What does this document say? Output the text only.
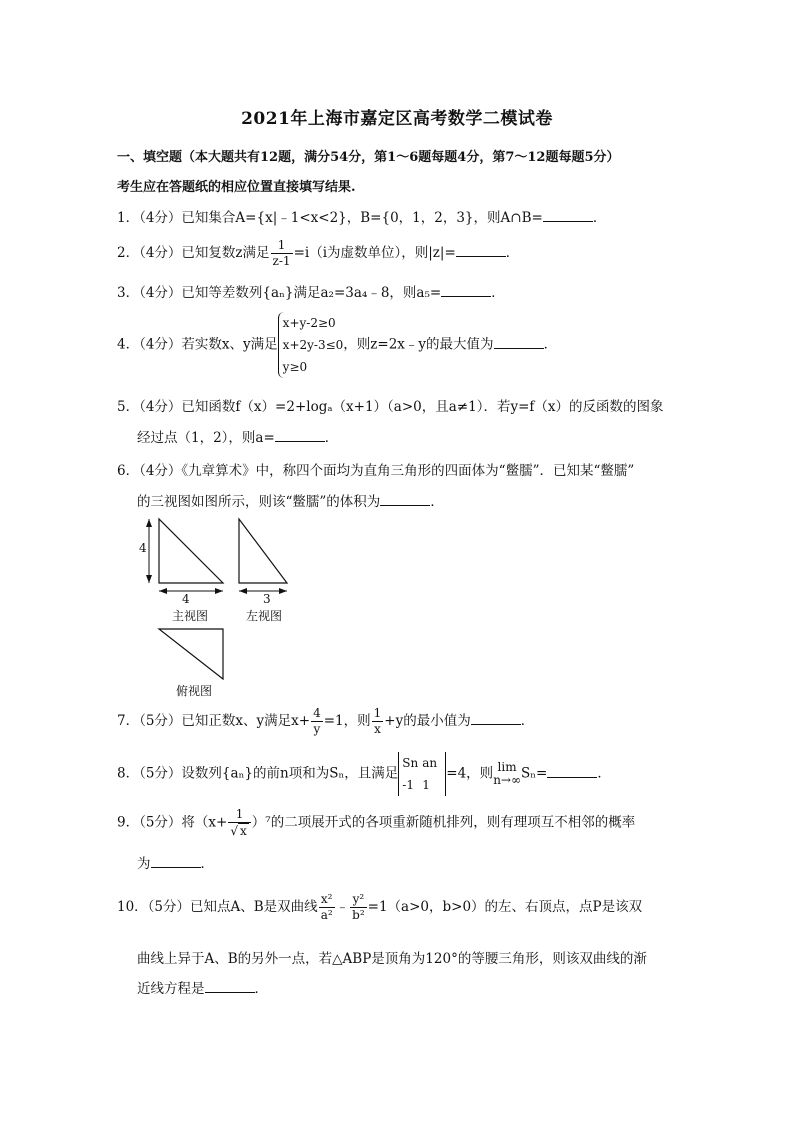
2021年上海市嘉定区高考数学二模试卷
一、填空题（本大题共有12题，满分54分，第1～6题每题4分，第7～12题每题5分）
考生应在答题纸的相应位置直接填写结果.
1．（4分）已知集合A={x|﹣1<x<2}，B={0，1，2，3}，则A∩B=	．
2．（4分）已知复数z满足 $\frac{1}{z-1} =i(i$为虚数单位），则|z|=	．
3．（4分）已知等差数列{aₙ}满足a₂=3a₄﹣8，则a₅=	．
4．（4分）若实数x、y满足
x+y-2≥0
x+2y-3≤0
y≥0
，则z=2x﹣y的最大值为	．
5．（4分）已知函数f（x）=2+logₐ（x+1）（a>0，且a≠1）．若y=f（x）的反函数的图象
经过点（1，2），则a=	．
6．（4分）《九章算术》中，称四个面均为直角三角形的四面体为“鳖臑”．已知某“鳖臑”
的三视图如图所示，则该“鳖臑”的体积为	．
4
4	3
主视图	左视图
俯视图
7．（5分）已知正数x、y满足$x+ \frac{4}{y} =1$，则 $\frac{1}{x} +y$的最小值为	．
8．（5分）设数列{aₙ}的前n项和为Sₙ，且满足Sn an
-1 1=4，则 lim
n→∞ Sₙ=	．
9．（5分）将$(x+ \frac{1}{√ x} )^7$的二项展开式的各项重新随机排列，则有理项互不相邻的概率
为	．
10．（5分）已知点A、B是双曲线 $\frac{\text{x²}}{\text{a²}}$ ﹣ $\frac{\text{y²}}{\text{b²}} =1(a>0$，b>0）的左、右顶点，点P是该双
曲线上异于A、B的另外一点，若△ABP是顶角为120°的等腰三角形，则该双曲线的渐
近线方程是	．
